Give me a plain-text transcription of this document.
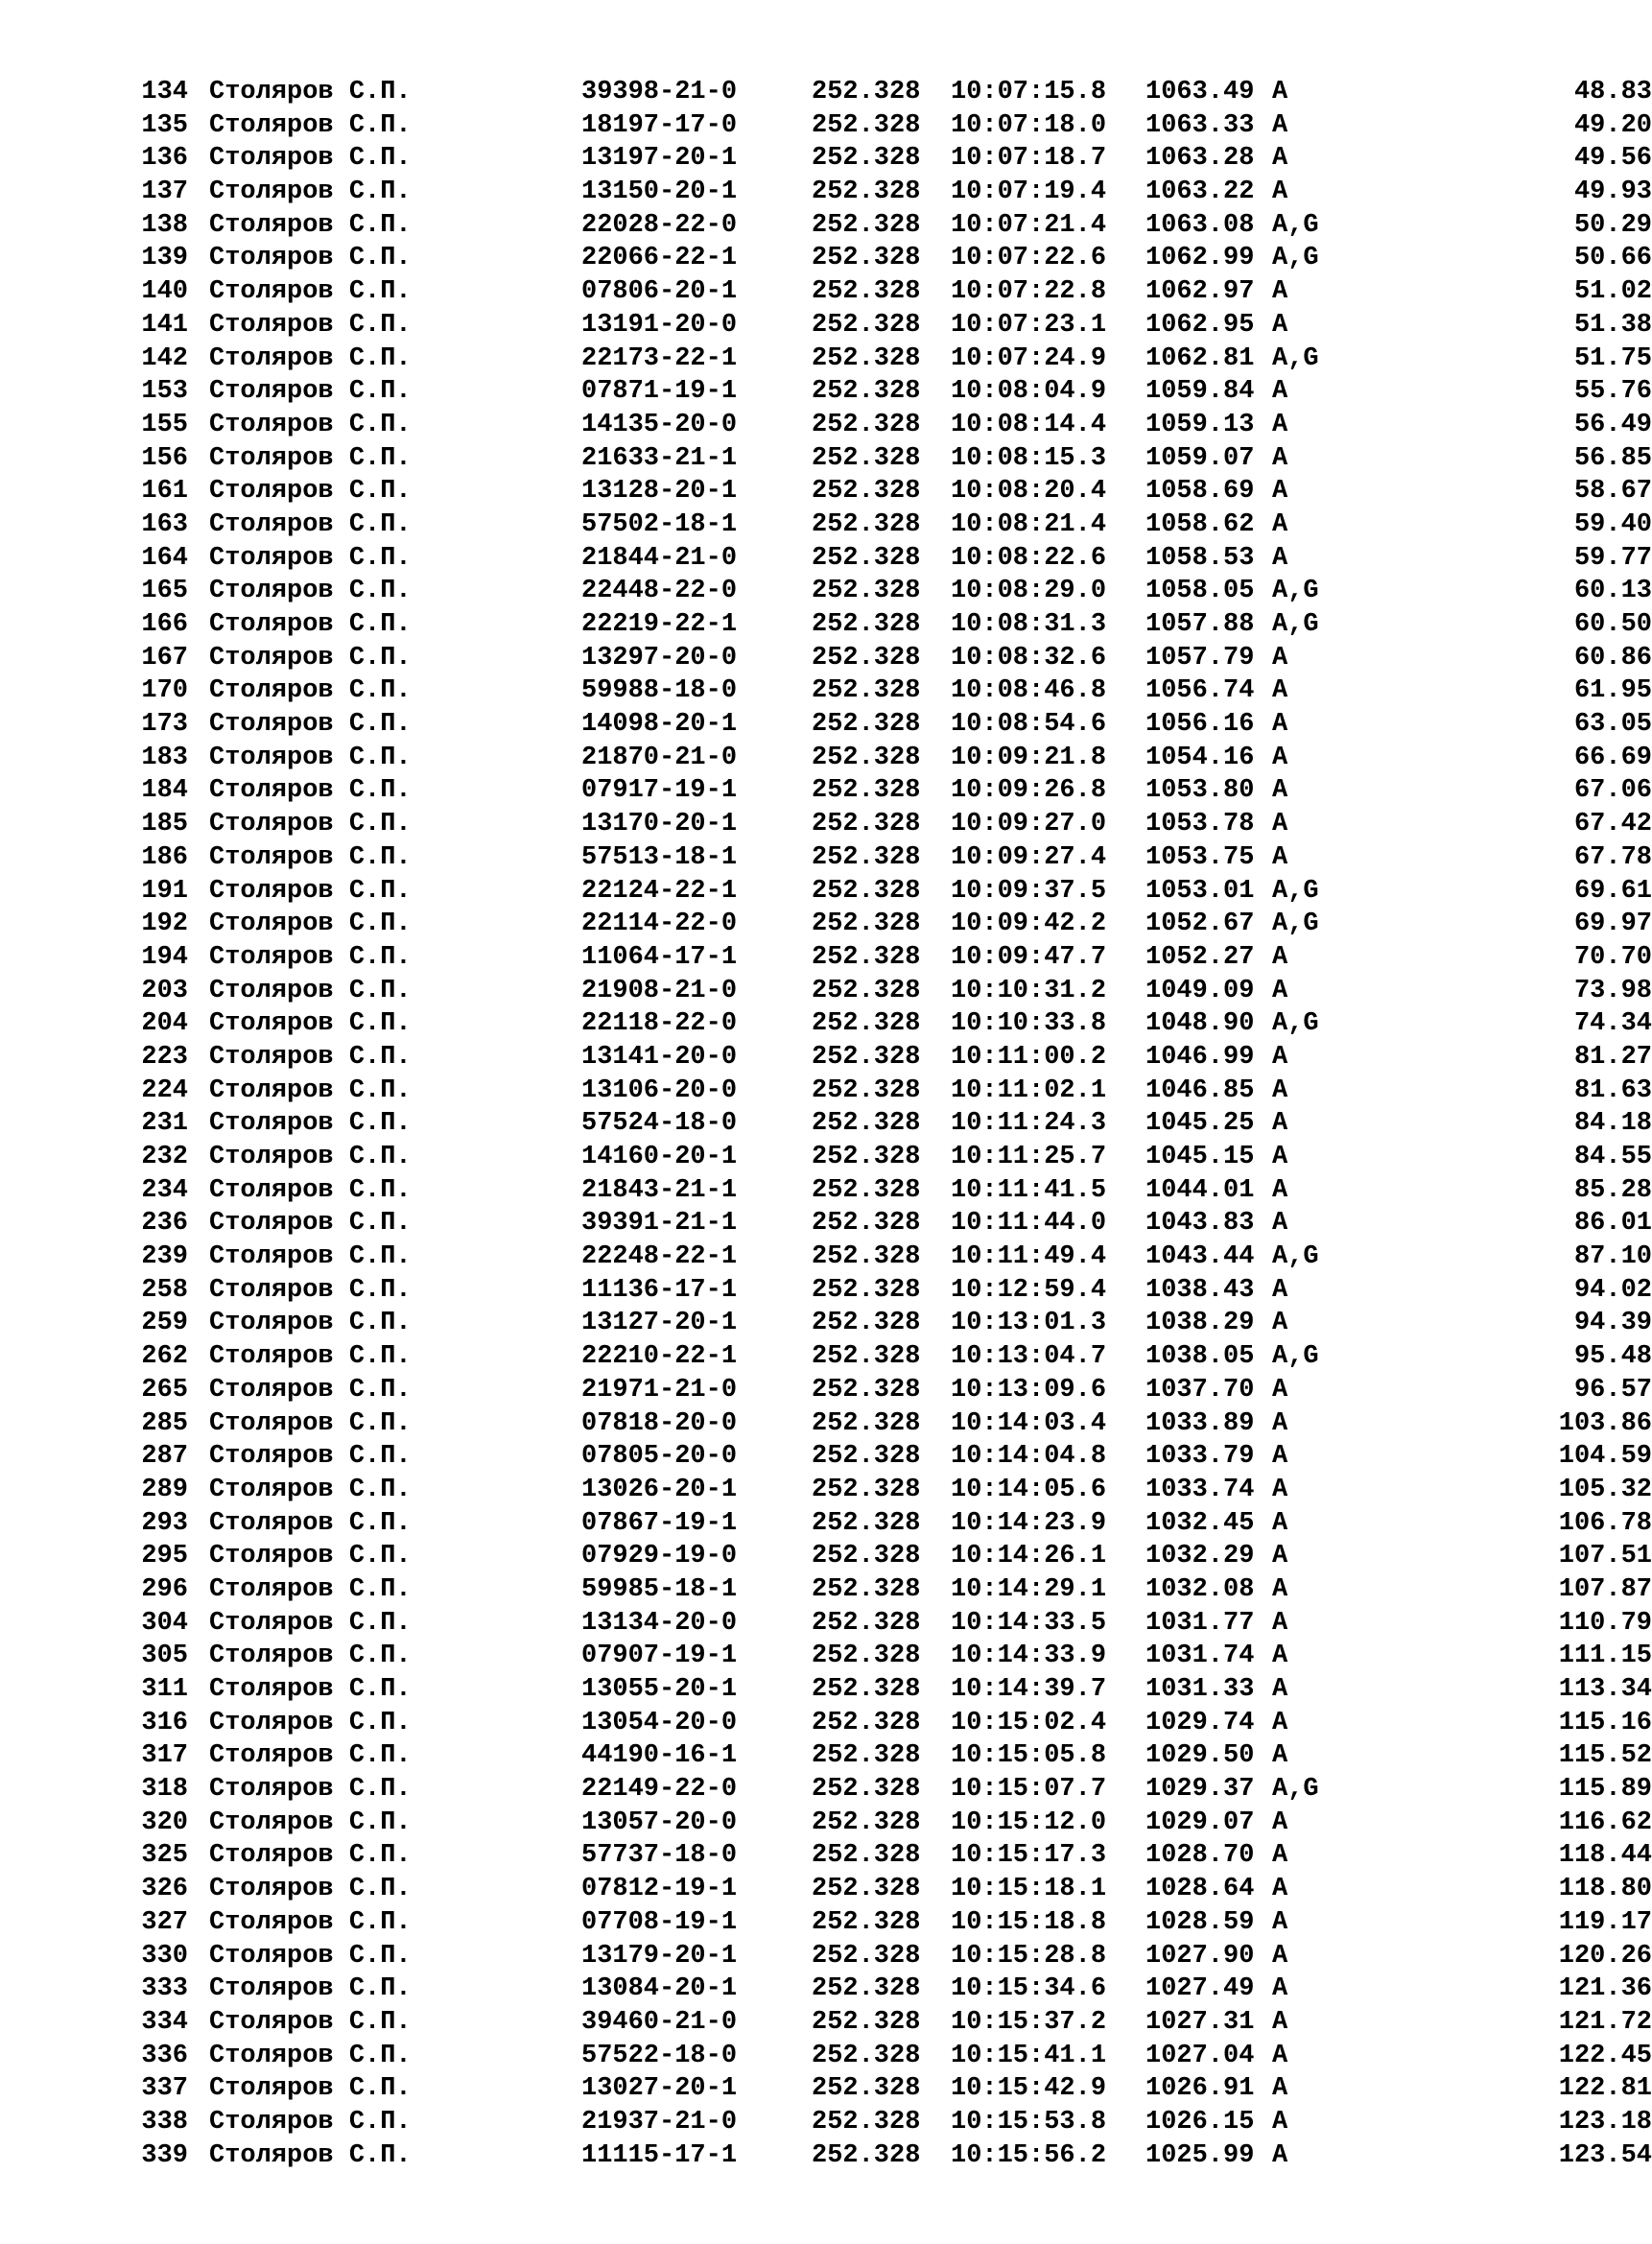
134 Столяров С.П.	39398-21-0	252.328 10:07:15.8 1063.49 A	48.83
135 Столяров С.П.	18197-17-0	252.328 10:07:18.0 1063.33 A	49.20
136 Столяров С.П.	13197-20-1	252.328 10:07:18.7 1063.28 A	49.56
137 Столяров С.П.	13150-20-1	252.328 10:07:19.4 1063.22 A	49.93
138 Столяров С.П.	22028-22-0	252.328 10:07:21.4 1063.08 A,G	50.29
139 Столяров С.П.	22066-22-1	252.328 10:07:22.6 1062.99 A,G	50.66
140 Столяров С.П.	07806-20-1	252.328 10:07:22.8 1062.97 A	51.02
141 Столяров С.П.	13191-20-0	252.328 10:07:23.1 1062.95 A	51.38
142 Столяров С.П.	22173-22-1	252.328 10:07:24.9 1062.81 A,G	51.75
153 Столяров С.П.	07871-19-1	252.328 10:08:04.9 1059.84 A	55.76
155 Столяров С.П.	14135-20-0	252.328 10:08:14.4 1059.13 A	56.49
156 Столяров С.П.	21633-21-1	252.328 10:08:15.3 1059.07 A	56.85
161 Столяров С.П.	13128-20-1	252.328 10:08:20.4 1058.69 A	58.67
163 Столяров С.П.	57502-18-1	252.328 10:08:21.4 1058.62 A	59.40
164 Столяров С.П.	21844-21-0	252.328 10:08:22.6 1058.53 A	59.77
165 Столяров С.П.	22448-22-0	252.328 10:08:29.0 1058.05 A,G	60.13
166 Столяров С.П.	22219-22-1	252.328 10:08:31.3 1057.88 A,G	60.50
167 Столяров С.П.	13297-20-0	252.328 10:08:32.6 1057.79 A	60.86
170 Столяров С.П.	59988-18-0	252.328 10:08:46.8 1056.74 A	61.95
173 Столяров С.П.	14098-20-1	252.328 10:08:54.6 1056.16 A	63.05
183 Столяров С.П.	21870-21-0	252.328 10:09:21.8 1054.16 A	66.69
184 Столяров С.П.	07917-19-1	252.328 10:09:26.8 1053.80 A	67.06
185 Столяров С.П.	13170-20-1	252.328 10:09:27.0 1053.78 A	67.42
186 Столяров С.П.	57513-18-1	252.328 10:09:27.4 1053.75 A	67.78
191 Столяров С.П.	22124-22-1	252.328 10:09:37.5 1053.01 A,G	69.61
192 Столяров С.П.	22114-22-0	252.328 10:09:42.2 1052.67 A,G	69.97
194 Столяров С.П.	11064-17-1	252.328 10:09:47.7 1052.27 A	70.70
203 Столяров С.П.	21908-21-0	252.328 10:10:31.2 1049.09 A	73.98
204 Столяров С.П.	22118-22-0	252.328 10:10:33.8 1048.90 A,G	74.34
223 Столяров С.П.	13141-20-0	252.328 10:11:00.2 1046.99 A	81.27
224 Столяров С.П.	13106-20-0	252.328 10:11:02.1 1046.85 A	81.63
231 Столяров С.П.	57524-18-0	252.328 10:11:24.3 1045.25 A	84.18
232 Столяров С.П.	14160-20-1	252.328 10:11:25.7 1045.15 A	84.55
234 Столяров С.П.	21843-21-1	252.328 10:11:41.5 1044.01 A	85.28
236 Столяров С.П.	39391-21-1	252.328 10:11:44.0 1043.83 A	86.01
239 Столяров С.П.	22248-22-1	252.328 10:11:49.4 1043.44 A,G	87.10
258 Столяров С.П.	11136-17-1	252.328 10:12:59.4 1038.43 A	94.02
259 Столяров С.П.	13127-20-1	252.328 10:13:01.3 1038.29 A	94.39
262 Столяров С.П.	22210-22-1	252.328 10:13:04.7 1038.05 A,G	95.48
265 Столяров С.П.	21971-21-0	252.328 10:13:09.6 1037.70 A	96.57
285 Столяров С.П.	07818-20-0	252.328 10:14:03.4 1033.89 A	103.86
287 Столяров С.П.	07805-20-0	252.328 10:14:04.8 1033.79 A	104.59
289 Столяров С.П.	13026-20-1	252.328 10:14:05.6 1033.74 A	105.32
293 Столяров С.П.	07867-19-1	252.328 10:14:23.9 1032.45 A	106.78
295 Столяров С.П.	07929-19-0	252.328 10:14:26.1 1032.29 A	107.51
296 Столяров С.П.	59985-18-1	252.328 10:14:29.1 1032.08 A	107.87
304 Столяров С.П.	13134-20-0	252.328 10:14:33.5 1031.77 A	110.79
305 Столяров С.П.	07907-19-1	252.328 10:14:33.9 1031.74 A	111.15
311 Столяров С.П.	13055-20-1	252.328 10:14:39.7 1031.33 A	113.34
316 Столяров С.П.	13054-20-0	252.328 10:15:02.4 1029.74 A	115.16
317 Столяров С.П.	44190-16-1	252.328 10:15:05.8 1029.50 A	115.52
318 Столяров С.П.	22149-22-0	252.328 10:15:07.7 1029.37 A,G	115.89
320 Столяров С.П.	13057-20-0	252.328 10:15:12.0 1029.07 A	116.62
325 Столяров С.П.	57737-18-0	252.328 10:15:17.3 1028.70 A	118.44
326 Столяров С.П.	07812-19-1	252.328 10:15:18.1 1028.64 A	118.80
327 Столяров С.П.	07708-19-1	252.328 10:15:18.8 1028.59 A	119.17
330 Столяров С.П.	13179-20-1	252.328 10:15:28.8 1027.90 A	120.26
333 Столяров С.П.	13084-20-1	252.328 10:15:34.6 1027.49 A	121.36
334 Столяров С.П.	39460-21-0	252.328 10:15:37.2 1027.31 A	121.72
336 Столяров С.П.	57522-18-0	252.328 10:15:41.1 1027.04 A	122.45
337 Столяров С.П.	13027-20-1	252.328 10:15:42.9 1026.91 A	122.81
338 Столяров С.П.	21937-21-0	252.328 10:15:53.8 1026.15 A	123.18
339 Столяров С.П.	11115-17-1	252.328 10:15:56.2 1025.99 A	123.54
